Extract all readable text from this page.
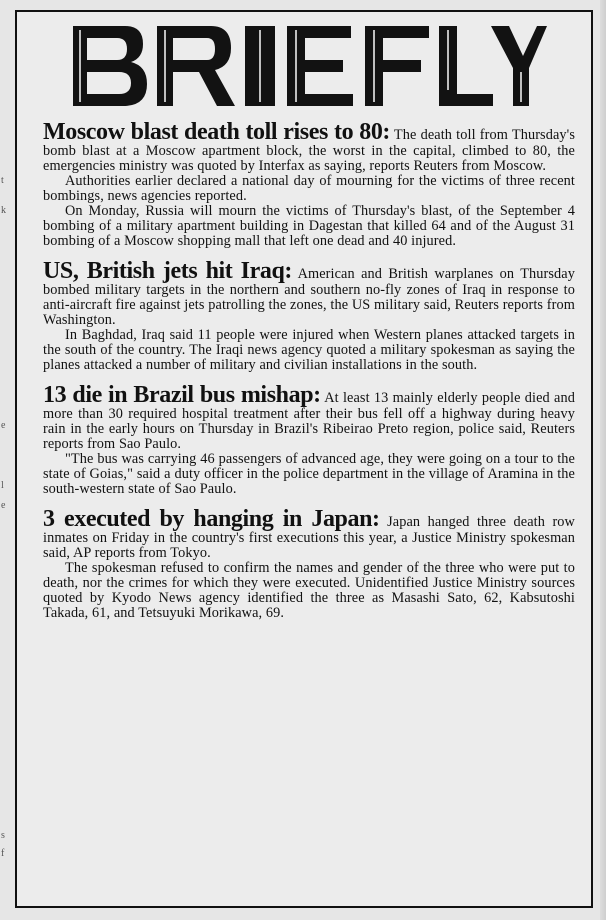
t
k
e
l
e
s
f

Moscow blast death toll rises to 80: The death toll from Thursday's bomb blast at a Moscow apartment block, the worst in the capital, climbed to 80, the emergencies ministry was quoted by Interfax as saying, reports Reuters from Moscow.

Authorities earlier declared a national day of mourning for the victims of three recent bombings, news agencies reported.

On Monday, Russia will mourn the victims of Thursday's blast, of the September 4 bombing of a military apartment building in Dagestan that killed 64 and of the August 31 bombing of a Moscow shopping mall that left one dead and 40 injured.

US, British jets hit Iraq: American and British warplanes on Thursday bombed military targets in the northern and southern no-fly zones of Iraq in response to anti-aircraft fire against jets patrolling the zones, the US military said, Reuters reports from Washington.

In Baghdad, Iraq said 11 people were injured when Western planes attacked targets in the south of the country. The Iraqi news agency quoted a military spokesman as saying the planes attacked a number of military and civilian installations in the south.

13 die in Brazil bus mishap: At least 13 mainly elderly people died and more than 30 required hospital treatment after their bus fell off a highway during heavy rain in the early hours on Thursday in Brazil's Ribeirao Preto region, police said, Reuters reports from Sao Paulo.

"The bus was carrying 46 passengers of advanced age, they were going on a tour to the state of Goias," said a duty officer in the police department in the village of Aramina in the south-western state of Sao Paulo.

3 executed by hanging in Japan: Japan hanged three death row inmates on Friday in the country's first executions this year, a Justice Ministry spokesman said, AP reports from Tokyo.

The spokesman refused to confirm the names and gender of the three who were put to death, nor the crimes for which they were executed. Unidentified Justice Ministry sources quoted by Kyodo News agency identified the three as Masashi Sato, 62, Kabsutoshi Takada, 61, and Tetsuyuki Morikawa, 69.
